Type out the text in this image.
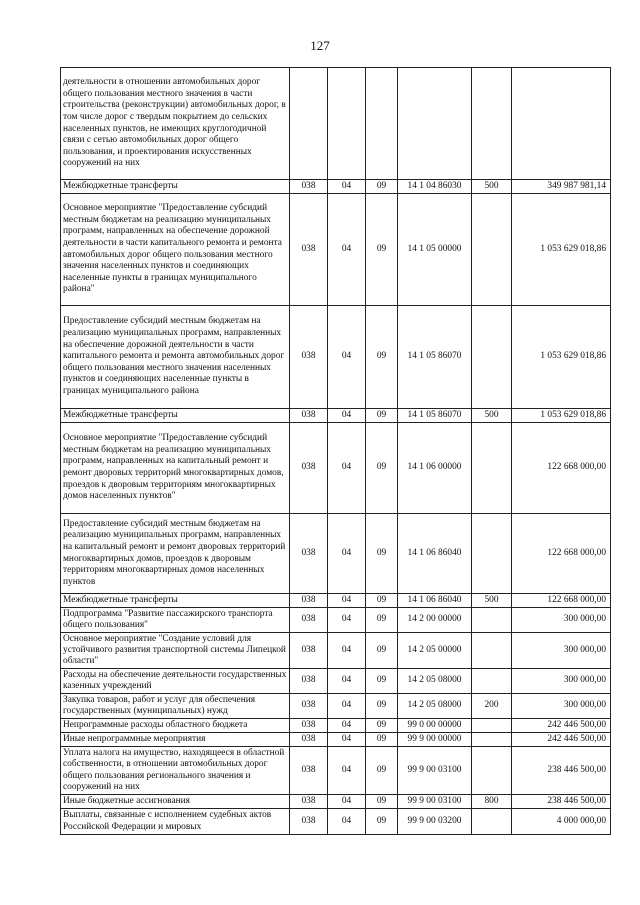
127
деятельности в отношении автомобильных дорог общего пользования местного значения в части строительства (реконструкции) автомобильных дорог, в том числе дорог с твердым покрытием до сельских населенных пунктов, не имеющих круглогодичной связи с сетью автомобильных дорог общего пользования, и проектирования искусственных сооружений на них						
Межбюджетные трансферты	038	04	09	14 1 04 86030	500	349 987 981,14
Основное мероприятие "Предоставление субсидий местным бюджетам на реализацию муниципальных программ, направленных на обеспечение дорожной деятельности в части капитального ремонта и ремонта автомобильных дорог общего пользования местного значения населенных пунктов и соединяющих населенные пункты в границах муниципального района"	038	04	09	14 1 05 00000		1 053 629 018,86
Предоставление субсидий местным бюджетам на реализацию муниципальных программ, направленных на обеспечение дорожной деятельности в части капитального ремонта и ремонта автомобильных дорог общего пользования местного значения населенных пунктов и соединяющих населенные пункты в границах муниципального района	038	04	09	14 1 05 86070		1 053 629 018,86
Межбюджетные трансферты	038	04	09	14 1 05 86070	500	1 053 629 018,86
Основное мероприятие "Предоставление субсидий местным бюджетам на реализацию муниципальных программ, направленных на капитальный ремонт и ремонт дворовых территорий многоквартирных домов, проездов к дворовым территориям многоквартирных домов населенных пунктов"	038	04	09	14 1 06 00000		122 668 000,00
Предоставление субсидий местным бюджетам на реализацию муниципальных программ, направленных на капитальный ремонт и ремонт дворовых территорий многоквартирных домов, проездов к дворовым территориям многоквартирных домов населенных пунктов	038	04	09	14 1 06 86040		122 668 000,00
Межбюджетные трансферты	038	04	09	14 1 06 86040	500	122 668 000,00
Подпрограмма "Развитие пассажирского транспорта общего пользования"	038	04	09	14 2 00 00000		300 000,00
Основное мероприятие "Создание условий для устойчивого развития транспортной системы Липецкой области"	038	04	09	14 2 05 00000		300 000,00
Расходы на обеспечение деятельности государственных казенных учреждений	038	04	09	14 2 05 08000		300 000,00
Закупка товаров, работ и услуг для обеспечения государственных (муниципальных) нужд	038	04	09	14 2 05 08000	200	300 000,00
Непрограммные расходы областного бюджета	038	04	09	99 0 00 00000		242 446 500,00
Иные непрограммные мероприятия	038	04	09	99 9 00 00000		242 446 500,00
Уплата налога на имущество, находящееся в областной собственности, в отношении автомобильных дорог общего пользования регионального значения и сооружений на них	038	04	09	99 9 00 03100		238 446 500,00
Иные бюджетные ассигнования	038	04	09	99 9 00 03100	800	238 446 500,00
Выплаты, связанные с исполнением судебных актов Российской Федерации и мировых	038	04	09	99 9 00 03200		4 000 000,00
